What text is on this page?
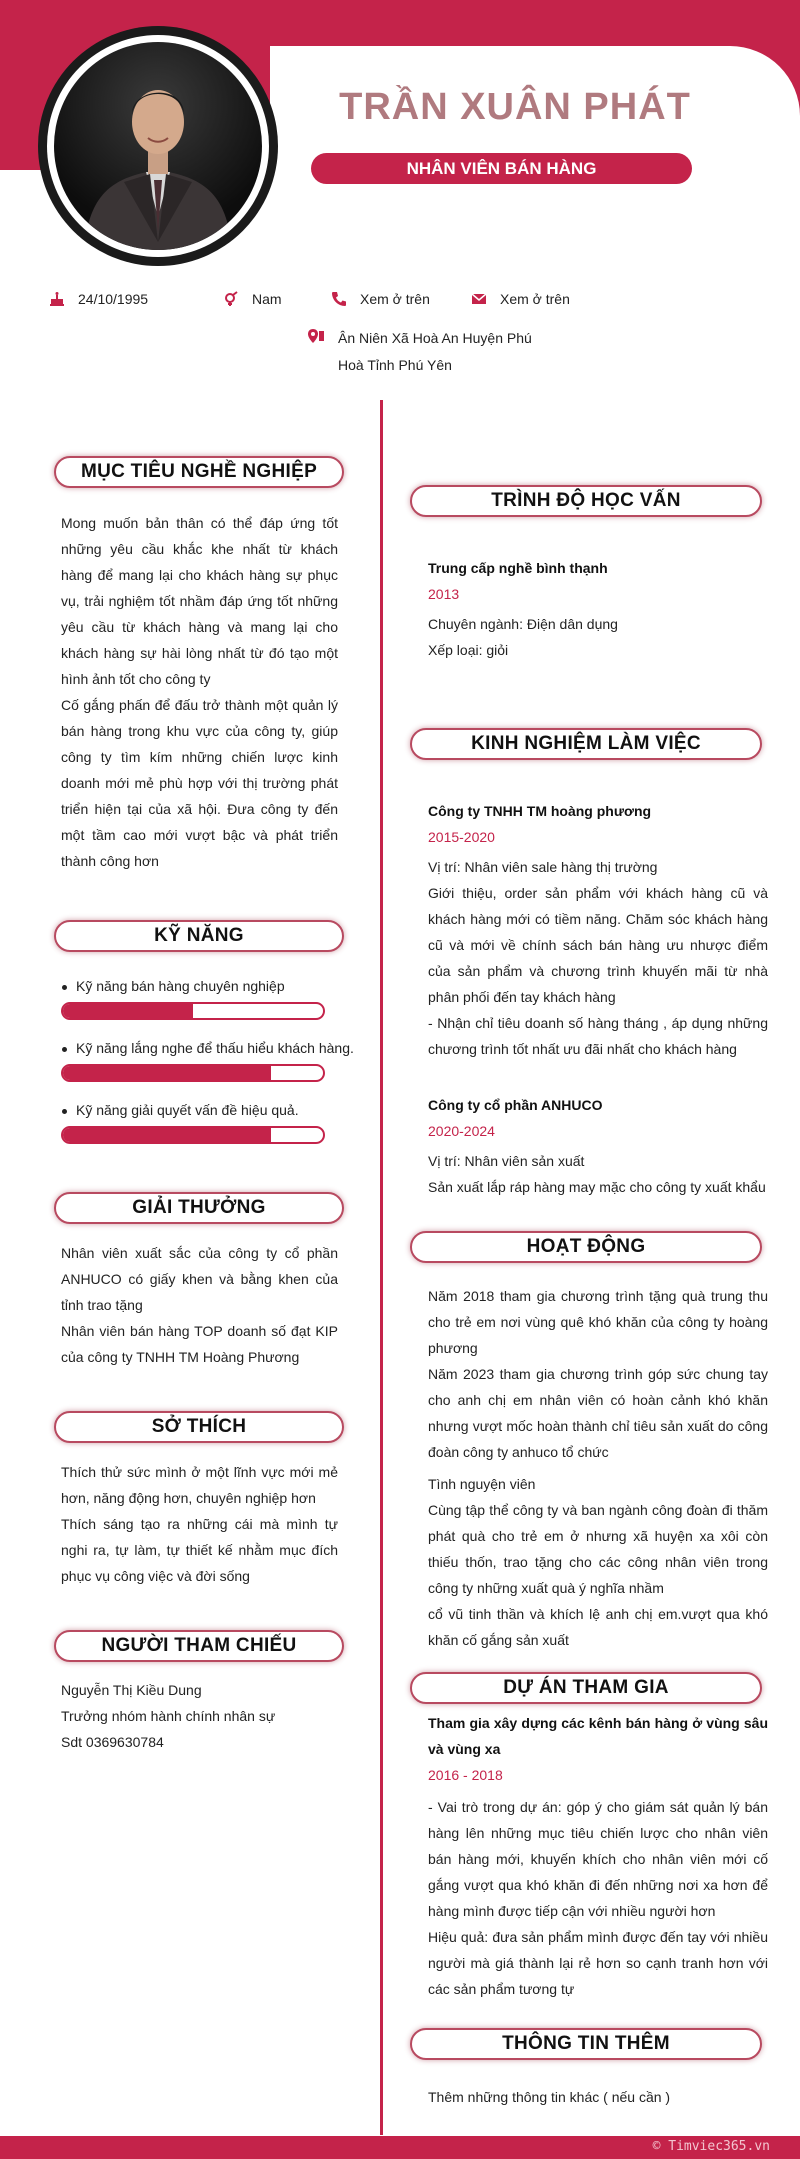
TRẦN XUÂN PHÁT
NHÂN VIÊN BÁN HÀNG
24/10/1995	Nam	Xem ở trên	Xem ở trên
Ân Niên Xã Hoà An Huyện Phú
Hoà Tỉnh Phú Yên
MỤC TIÊU NGHỀ NGHIỆP

Mong muốn bản thân có thể đáp ứng tốt những yêu cầu khắc khe nhất từ khách hàng để mang lại cho khách hàng sự phục vụ, trải nghiệm tốt nhầm đáp ứng tốt những yêu cầu từ khách hàng và mang lại cho khách hàng sự hài lòng nhất từ đó tạo một hình ảnh tốt cho công ty

Cố gắng phấn để đấu trở thành một quản lý bán hàng trong khu vực của công ty, giúp công ty tìm kím những chiến lược kinh doanh mới mẻ phù hợp với thị trường phát triển hiện tại của xã hội. Đưa công ty đến một tầm cao mới vượt bậc và phát triển thành công hơn

KỸ NĂNG
Kỹ năng bán hàng chuyên nghiệp
Kỹ năng lắng nghe để thấu hiểu khách hàng.
Kỹ năng giải quyết vấn đề hiệu quả.
GIẢI THƯỞNG

Nhân viên xuất sắc của công ty cổ phần ANHUCO có giấy khen và bằng khen của tỉnh trao tặng

Nhân viên bán hàng TOP doanh số đạt KIP của công ty TNHH TM Hoàng Phương

SỞ THÍCH

Thích thử sức mình ở một lĩnh vực mới mẻ hơn, năng động hơn, chuyên nghiệp hơn

Thích sáng tạo ra những cái mà mình tự nghi ra, tự làm, tự thiết kế nhằm mục đích phục vụ công việc và đời sống

NGƯỜI THAM CHIẾU

Nguyễn Thị Kiều Dung

Trưởng nhóm hành chính nhân sự

Sdt 0369630784

TRÌNH ĐỘ HỌC VẤN

Trung cấp nghề bình thạnh

2013

Chuyên ngành: Điện dân dụng

Xếp loại: giỏi

KINH NGHIỆM LÀM VIỆC

Công ty TNHH TM hoàng phương

2015-2020

Vị trí: Nhân viên sale hàng thị trường

Giới thiệu, order sản phẩm với khách hàng cũ và khách hàng mới có tiềm năng. Chăm sóc khách hàng cũ và mới về chính sách bán hàng ưu nhược điểm của sản phẩm và chương trình khuyến mãi từ nhà phân phối đến tay khách hàng

- Nhận chỉ tiêu doanh số hàng tháng , áp dụng những chương trình tốt nhất ưu đãi nhất cho khách hàng

Công ty cổ phần ANHUCO

2020-2024

Vị trí: Nhân viên sản xuất

Sản xuất lắp ráp hàng may mặc cho công ty xuất khẩu

HOẠT ĐỘNG

Năm 2018 tham gia chương trình tặng quà trung thu cho trẻ em nơi vùng quê khó khăn của công ty hoàng phương

Năm 2023 tham gia chương trình góp sức chung tay cho anh chị em nhân viên có hoàn cảnh khó khăn nhưng vượt mốc hoàn thành chỉ tiêu sản xuất do công đoàn công ty anhuco tổ chức

Tình nguyện viên

Cùng tập thể công ty và ban ngành công đoàn đi thăm phát quà cho trẻ em ở nhưng xã huyện xa xôi còn thiếu thốn, trao tặng cho các công nhân viên trong công ty những xuất quà ý nghĩa nhầm

cổ vũ tinh thần và khích lệ anh chị em.vượt qua khó khăn cố gắng sản xuất

DỰ ÁN THAM GIA

Tham gia xây dựng các kênh bán hàng ở vùng sâu và vùng xa

2016 - 2018

- Vai trò trong dự án: góp ý cho giám sát quản lý bán hàng lên những mục tiêu chiến lược cho nhân viên bán hàng mới, khuyến khích cho nhân viên mới cố gắng vượt qua khó khăn đi đến những nơi xa hơn để hàng mình được tiếp cận với nhiều người hơn

Hiệu quả: đưa sản phẩm mình được đến tay với nhiều người mà giá thành lại rẻ hơn so cạnh tranh hơn với các sản phẩm tương tự

THÔNG TIN THÊM
Thêm những thông tin khác ( nếu cần )
© Timviec365.vn
